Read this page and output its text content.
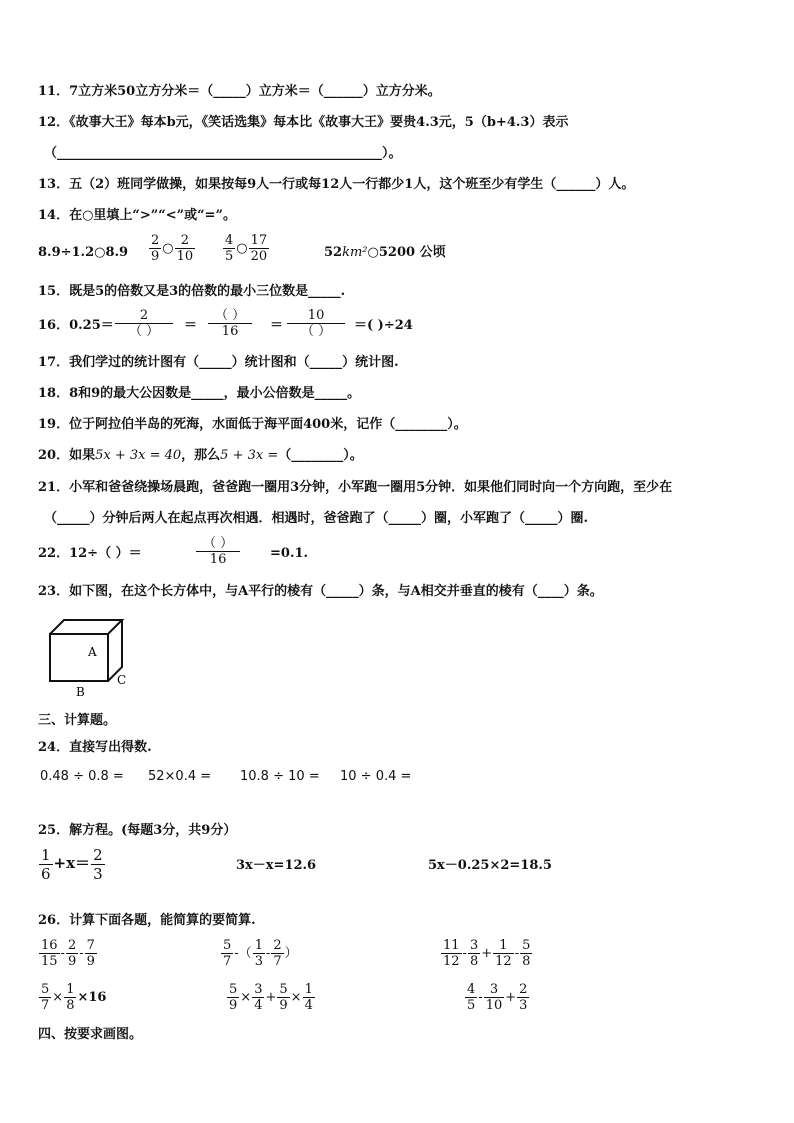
11．7立方米50立方分米＝（_____）立方米＝（______）立方分米。
12．《故事大王》每本b元，《笑话选集》每本比《故事大王》要贵4.3元，5（b+4.3）表示
（__________________________________________________）。
13．五（2）班同学做操，如果按每9人一行或每12人一行都少1人，这个班至少有学生（______）人。
14．在○里填上“>”“<”或“=”。
8.9÷1.2○8.9 $\frac{2}{9}$ ○ $\frac{2}{10} \frac{4}{5}$ ○ $\frac{17}{20}$	52km²○5200 公顷
15．既是5的倍数又是3的倍数的最小三位数是_____.
16．$0.25= \frac{2}{( )} = \frac{( )}{16} = \frac{10}{( )}$ ＝( )÷24
17．我们学过的统计图有（_____）统计图和（_____）统计图.
18．8和9的最大公因数是_____，最小公倍数是_____。
19．位于阿拉伯半岛的死海，水面低于海平面400米，记作（________）。
20．如果5x + 3x = 40，那么5 + 3x =（________）。
21．小军和爸爸绕操场晨跑，爸爸跑一圈用3分钟，小军跑一圈用5分钟．如果他们同时向一个方向跑，至少在
（_____）分钟后两人在起点再次相遇．相遇时，爸爸跑了（_____）圈，小军跑了（_____）圈.
22．12÷（ ）＝	$\frac{( )}{16} =0.1$.
23．如下图，在这个长方体中，与A平行的棱有（_____）条，与A相交并垂直的棱有（____）条。
A
B
C
三、计算题。
24．直接写出得数.
0.48 ÷ 0.8 = 52×0.4 = 10.8 ÷ 10 = 10 ÷ 0.4 =
25．解方程。(每题3分，共9分）
$\frac{1}{6} +x= \frac{2}{3}$	3x－x=12.6	5x－0.25×2=18.5
26．计算下面各题，能简算的要简算.
$\frac{16}{15} - \frac{2}{9} - \frac{7}{9}$	$\frac{5}{7}$ -（ $\frac{1}{3} - \frac{2}{7}$ ）	$\frac{11}{12} - \frac{3}{8} + \frac{1}{12} - \frac{5}{8}$
$\frac{5}{7} \times \frac{1}{8} \times 16$	$\frac{5}{9} \times \frac{3}{4} + \frac{5}{9} \times \frac{1}{4}$	$\frac{4}{5} - \frac{3}{10} + \frac{2}{3}$
四、按要求画图。
